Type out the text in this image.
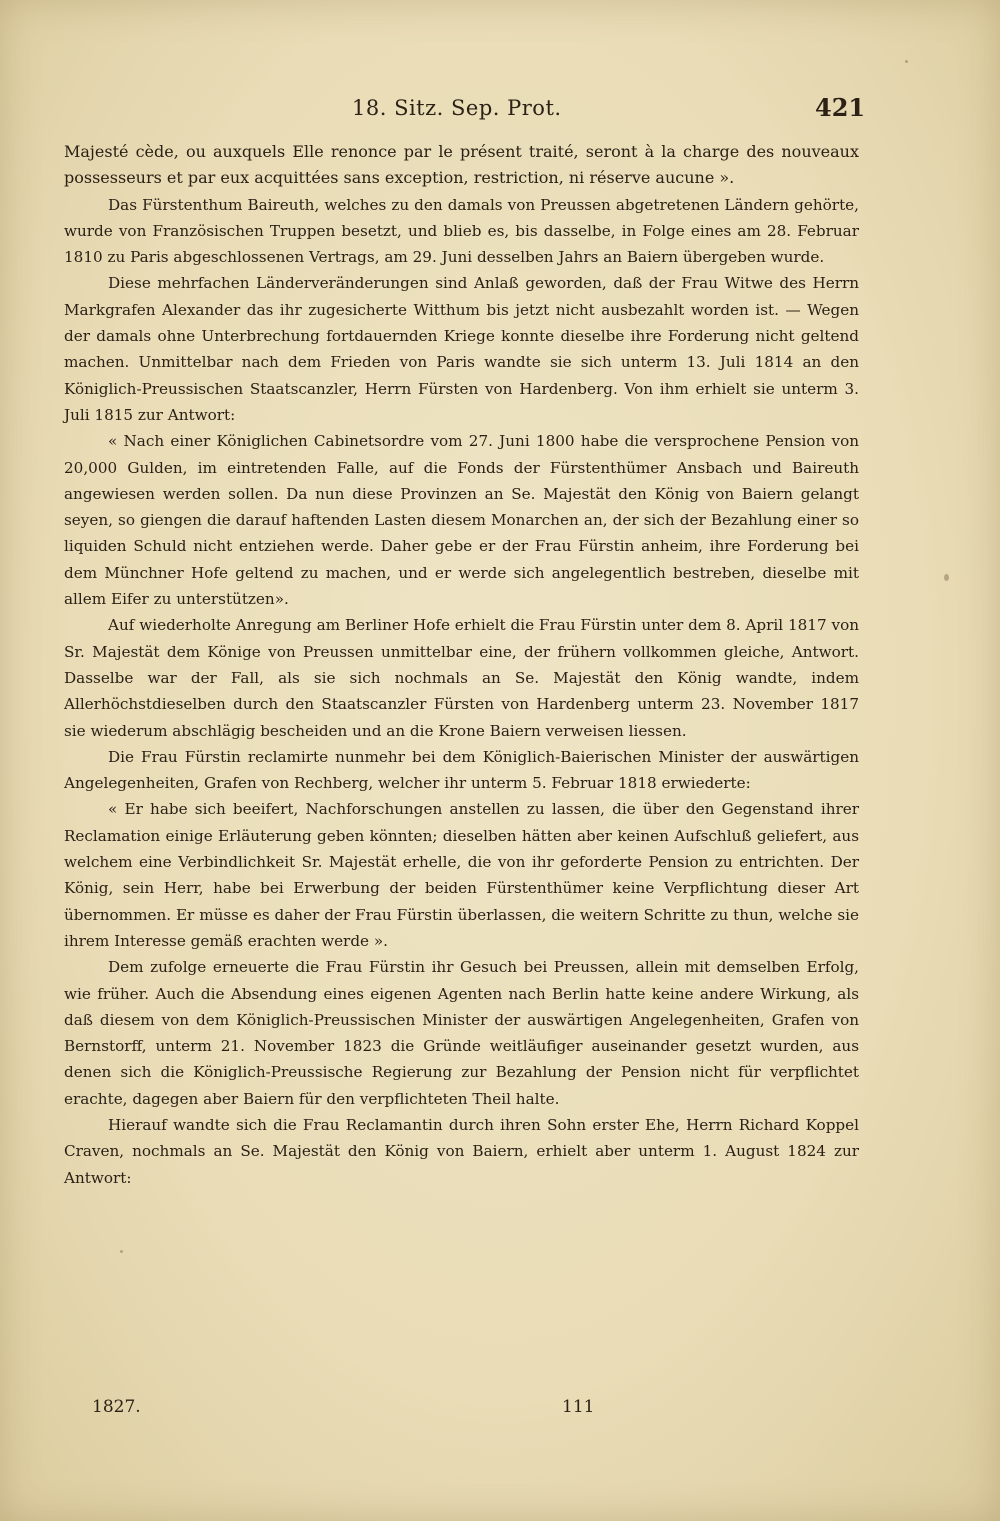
18. Sitz. Sep. Prot.	421

Majesté cède, ou auxquels Elle renonce par le présent traité, seront à la charge des nouveaux possesseurs et par eux acquittées sans exception, restriction, ni réserve aucune ».

Das Fürstenthum Baireuth, welches zu den damals von Preussen abgetretenen Ländern gehörte, wurde von Französischen Truppen besetzt, und blieb es, bis dasselbe, in Folge eines am 28. Februar 1810 zu Paris abgeschlossenen Vertrags, am 29. Juni desselben Jahrs an Baiern übergeben wurde.

Diese mehrfachen Länderveränderungen sind Anlaß geworden, daß der Frau Witwe des Herrn Markgrafen Alexander das ihr zugesicherte Witthum bis jetzt nicht ausbezahlt worden ist. — Wegen der damals ohne Unterbrechung fortdauernden Kriege konnte dieselbe ihre Forderung nicht geltend machen. Unmittelbar nach dem Frieden von Paris wandte sie sich unterm 13. Juli 1814 an den Königlich-Preussischen Staatscanzler, Herrn Fürsten von Hardenberg. Von ihm erhielt sie unterm 3. Juli 1815 zur Antwort:

« Nach einer Königlichen Cabinetsordre vom 27. Juni 1800 habe die versprochene Pension von 20,000 Gulden, im eintretenden Falle, auf die Fonds der Fürstenthümer Ansbach und Baireuth angewiesen werden sollen. Da nun diese Provinzen an Se. Majestät den König von Baiern gelangt seyen, so giengen die darauf haftenden Lasten diesem Monarchen an, der sich der Bezahlung einer so liquiden Schuld nicht entziehen werde. Daher gebe er der Frau Fürstin anheim, ihre Forderung bei dem Münchner Hofe geltend zu machen, und er werde sich angelegentlich bestreben, dieselbe mit allem Eifer zu unterstützen».

Auf wiederholte Anregung am Berliner Hofe erhielt die Frau Fürstin unter dem 8. April 1817 von Sr. Majestät dem Könige von Preussen unmittelbar eine, der frühern vollkommen gleiche, Antwort. Dasselbe war der Fall, als sie sich nochmals an Se. Majestät den König wandte, indem Allerhöchstdieselben durch den Staatscanzler Fürsten von Hardenberg unterm 23. November 1817 sie wiederum abschlägig bescheiden und an die Krone Baiern verweisen liessen.

Die Frau Fürstin reclamirte nunmehr bei dem Königlich-Baierischen Minister der auswärtigen Angelegenheiten, Grafen von Rechberg, welcher ihr unterm 5. Februar 1818 erwiederte:

« Er habe sich beeifert, Nachforschungen anstellen zu lassen, die über den Gegenstand ihrer Reclamation einige Erläuterung geben könnten; dieselben hätten aber keinen Aufschluß geliefert, aus welchem eine Verbindlichkeit Sr. Majestät erhelle, die von ihr geforderte Pension zu entrichten. Der König, sein Herr, habe bei Erwerbung der beiden Fürstenthümer keine Verpflichtung dieser Art übernommen. Er müsse es daher der Frau Fürstin überlassen, die weitern Schritte zu thun, welche sie ihrem Interesse gemäß erachten werde ».

Dem zufolge erneuerte die Frau Fürstin ihr Gesuch bei Preussen, allein mit demselben Erfolg, wie früher. Auch die Absendung eines eigenen Agenten nach Berlin hatte keine andere Wirkung, als daß diesem von dem Königlich-Preussischen Minister der auswärtigen Angelegenheiten, Grafen von Bernstorff, unterm 21. November 1823 die Gründe weitläufiger auseinander gesetzt wurden, aus denen sich die Königlich-Preussische Regierung zur Bezahlung der Pension nicht für verpflichtet erachte, dagegen aber Baiern für den verpflichteten Theil halte.

Hierauf wandte sich die Frau Reclamantin durch ihren Sohn erster Ehe, Herrn Richard Koppel Craven, nochmals an Se. Majestät den König von Baiern, erhielt aber unterm 1. August 1824 zur Antwort:

1827.	111
